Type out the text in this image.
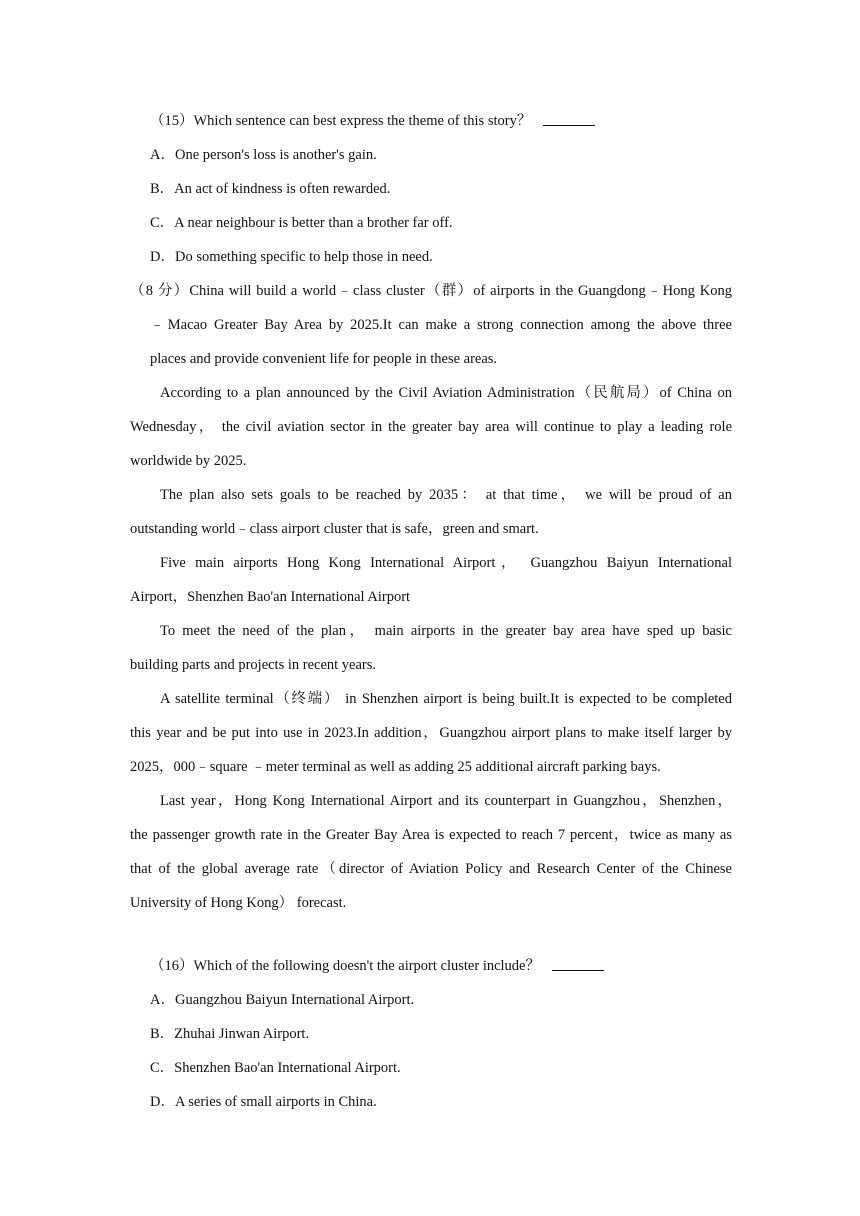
（15）Which sentence can best express the theme of this story？
A．One person's loss is another's gain.
B．An act of kindness is often rewarded.
C．A near neighbour is better than a brother far off.
D．Do something specific to help those in need.
（8 分）China will build a world﹣class cluster（群）of airports in the Guangdong﹣Hong Kong
﹣Macao Greater Bay Area by 2025.It can make a strong connection among the above three
places and provide convenient life for people in these areas.
According to a plan announced by the Civil Aviation Administration（民航局）of China on
Wednesday， the civil aviation sector in the greater bay area will continue to play a leading role
worldwide by 2025.
The plan also sets goals to be reached by 2035： at that time， we will be proud of an
outstanding world﹣class airport cluster that is safe，green and smart.
Five main airports Hong Kong International Airport， Guangzhou Baiyun International
Airport，Shenzhen Bao'an International Airport
To meet the need of the plan， main airports in the greater bay area have sped up basic
building parts and projects in recent years.
A satellite terminal（终端） in Shenzhen airport is being built.It is expected to be completed
this year and be put into use in 2023.In addition，Guangzhou airport plans to make itself larger by
2025，000﹣square ﹣meter terminal as well as adding 25 additional aircraft parking bays.
Last year，Hong Kong International Airport and its counterpart in Guangzhou，Shenzhen，
the passenger growth rate in the Greater Bay Area is expected to reach 7 percent，twice as many as
that of the global average rate（director of Aviation Policy and Research Center of the Chinese
University of Hong Kong） forecast.
（16）Which of the following doesn't the airport cluster include？
A．Guangzhou Baiyun International Airport.
B．Zhuhai Jinwan Airport.
C．Shenzhen Bao'an International Airport.
D．A series of small airports in China.
